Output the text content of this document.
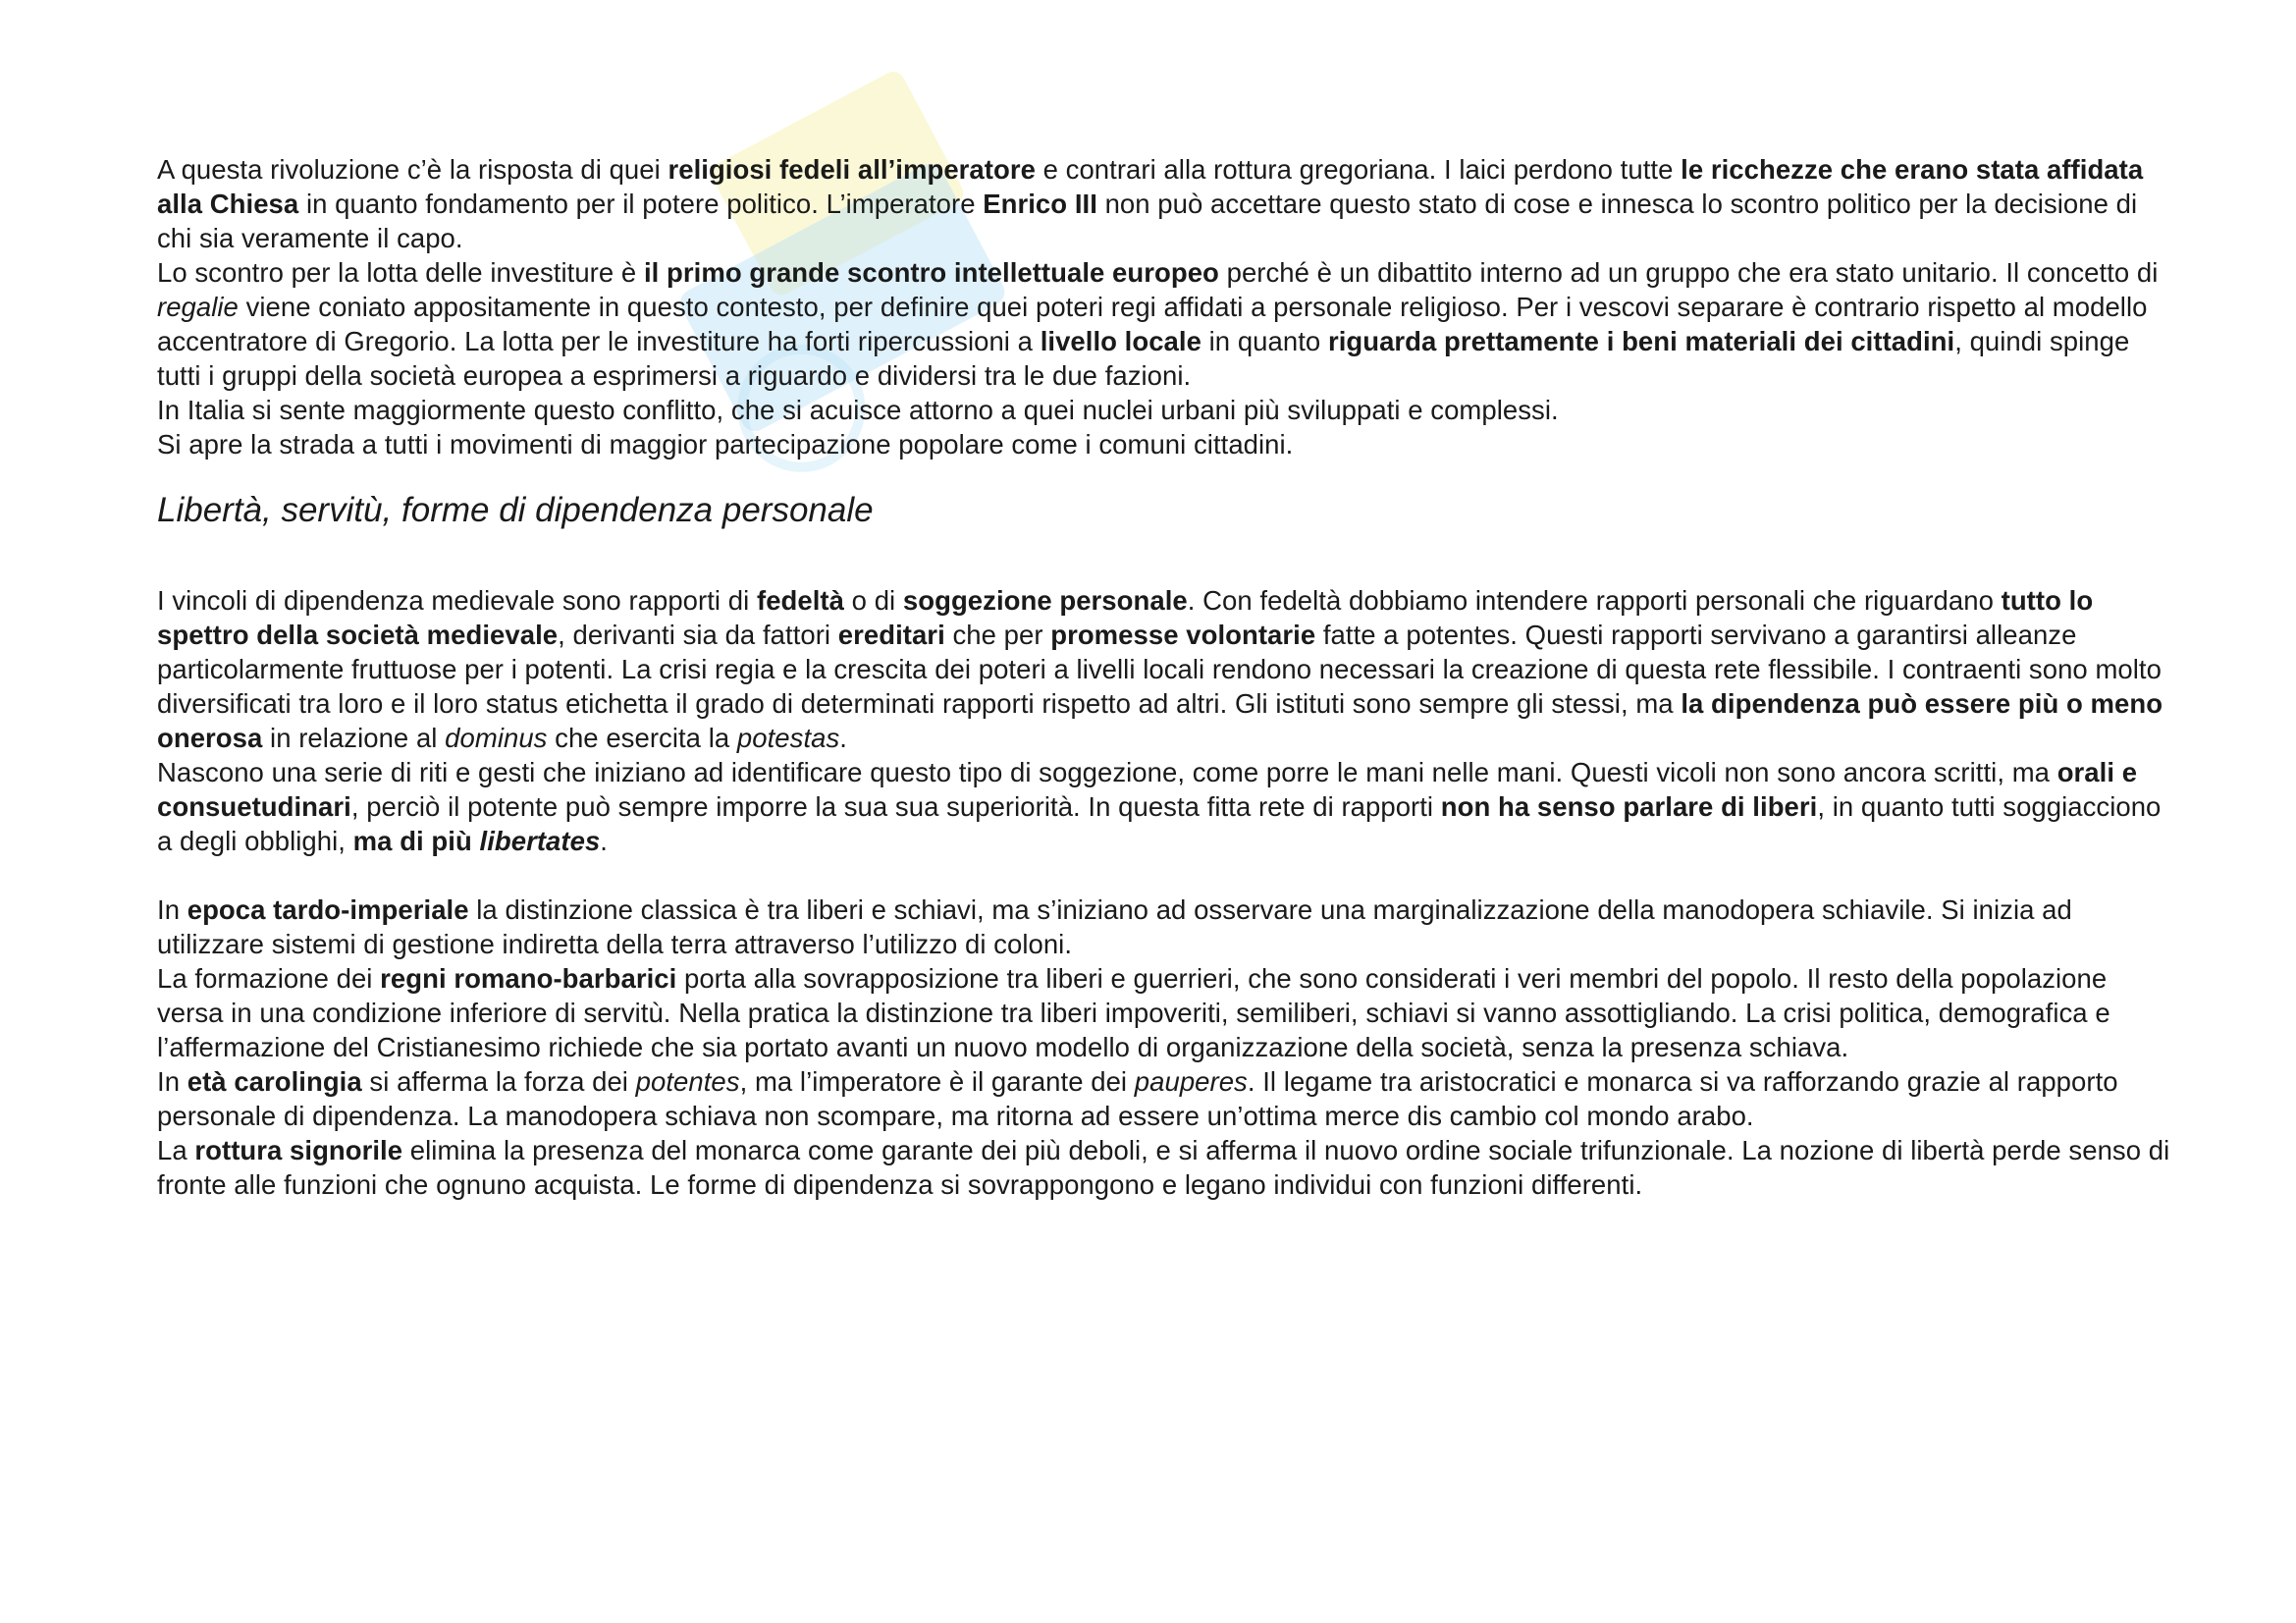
A questa rivoluzione c’è la risposta di quei religiosi fedeli all’imperatore e contrari alla rottura gregoriana. I laici perdono tutte le ricchezze che erano stata affidata alla Chiesa in quanto fondamento per il potere politico. L’imperatore Enrico III non può accettare questo stato di cose e innesca lo scontro politico per la decisione di chi sia veramente il capo.

Lo scontro per la lotta delle investiture è il primo grande scontro intellettuale europeo perché è un dibattito interno ad un gruppo che era stato unitario. Il concetto di regalie viene coniato appositamente in questo contesto, per definire quei poteri regi affidati a personale religioso. Per i vescovi separare è contrario rispetto al modello accentratore di Gregorio. La lotta per le investiture ha forti ripercussioni a livello locale in quanto riguarda prettamente i beni materiali dei cittadini, quindi spinge tutti i gruppi della società europea a esprimersi a riguardo e dividersi tra le due fazioni.

In Italia si sente maggiormente questo conflitto, che si acuisce attorno a quei nuclei urbani più sviluppati e complessi.

Si apre la strada a tutti i movimenti di maggior partecipazione popolare come i comuni cittadini.

Libertà, servitù, forme di dipendenza personale

I vincoli di dipendenza medievale sono rapporti di fedeltà o di soggezione personale. Con fedeltà dobbiamo intendere rapporti personali che riguardano tutto lo spettro della società medievale, derivanti sia da fattori ereditari che per promesse volontarie fatte a potentes. Questi rapporti servivano a garantirsi alleanze particolarmente fruttuose per i potenti. La crisi regia e la crescita dei poteri a livelli locali rendono necessari la creazione di questa rete flessibile. I contraenti sono molto diversificati tra loro e il loro status etichetta il grado di determinati rapporti rispetto ad altri. Gli istituti sono sempre gli stessi, ma la dipendenza può essere più o meno onerosa in relazione al dominus che esercita la potestas.

Nascono una serie di riti e gesti che iniziano ad identificare questo tipo di soggezione, come porre le mani nelle mani. Questi vicoli non sono ancora scritti, ma orali e consuetudinari, perciò il potente può sempre imporre la sua sua superiorità. In questa fitta rete di rapporti non ha senso parlare di liberi, in quanto tutti soggiacciono a degli obblighi, ma di più libertates.

In epoca tardo-imperiale la distinzione classica è tra liberi e schiavi, ma s’iniziano ad osservare una marginalizzazione della manodopera schiavile. Si inizia ad utilizzare sistemi di gestione indiretta della terra attraverso l’utilizzo di coloni.

La formazione dei regni romano-barbarici porta alla sovrapposizione tra liberi e guerrieri, che sono considerati i veri membri del popolo. Il resto della popolazione versa in una condizione inferiore di servitù. Nella pratica la distinzione tra liberi impoveriti, semiliberi, schiavi si vanno assottigliando. La crisi politica, demografica e l’affermazione del Cristianesimo richiede che sia portato avanti un nuovo modello di organizzazione della società, senza la presenza schiava.

In età carolingia si afferma la forza dei potentes, ma l’imperatore è il garante dei pauperes. Il legame tra aristocratici e monarca si va rafforzando grazie al rapporto personale di dipendenza. La manodopera schiava non scompare, ma ritorna ad essere un’ottima merce dis cambio col mondo arabo.

La rottura signorile elimina la presenza del monarca come garante dei più deboli, e si afferma il nuovo ordine sociale trifunzionale. La nozione di libertà perde senso di fronte alle funzioni che ognuno acquista. Le forme di dipendenza si sovrappongono e legano individui con funzioni differenti.
